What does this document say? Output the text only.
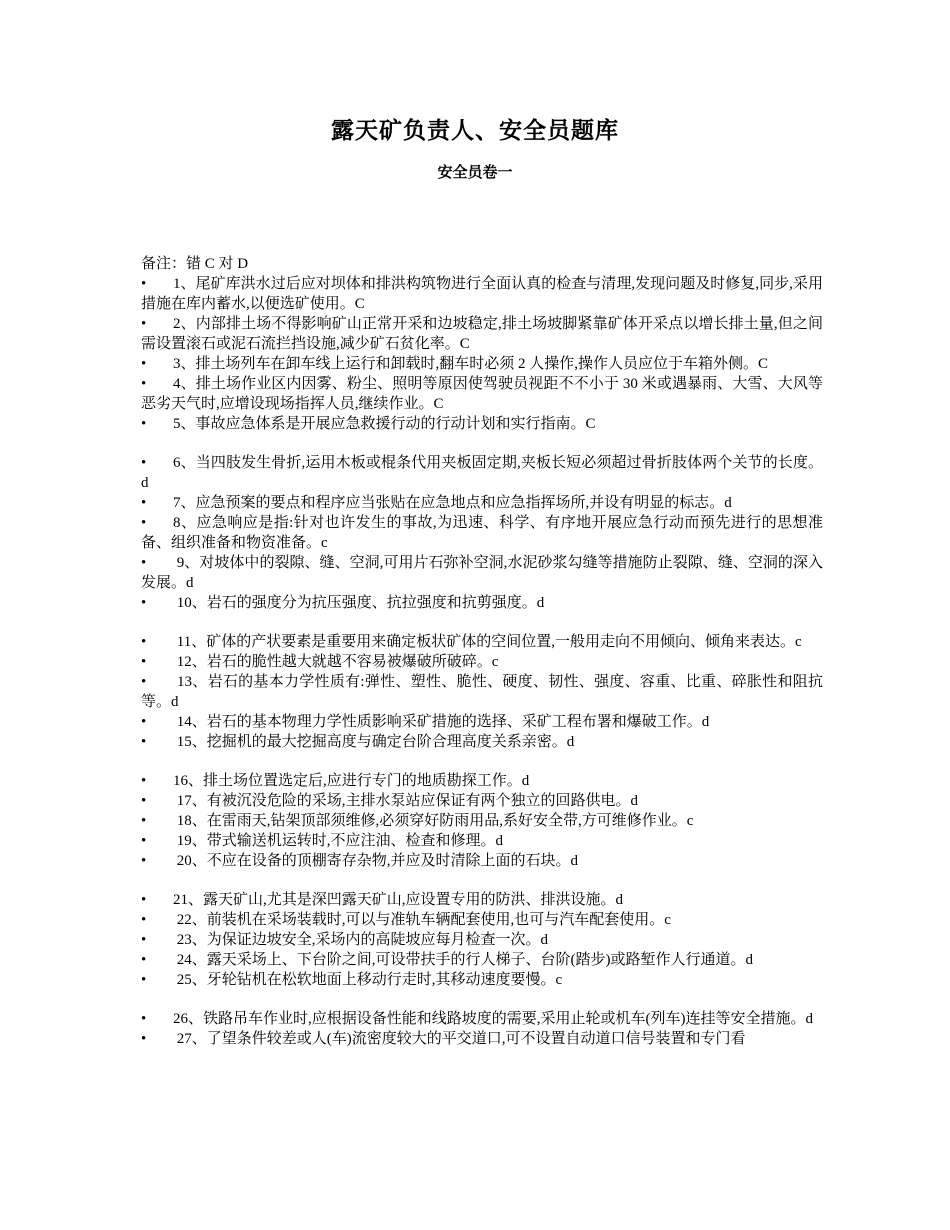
露天矿负责人、安全员题库
安全员卷一

备注：错 C 对 D

• 1、尾矿库洪水过后应对坝体和排洪构筑物进行全面认真的检查与清理,发现问题及时修复,同步,采用措施在库内蓄水,以便选矿使用。C

• 2、内部排土场不得影响矿山正常开采和边坡稳定,排土场坡脚紧靠矿体开采点以增长排土量,但之间需设置滚石或泥石流拦挡设施,减少矿石贫化率。C

• 3、排土场列车在卸车线上运行和卸载时,翻车时必须 2 人操作,操作人员应位于车箱外侧。C

• 4、排土场作业区内因雾、粉尘、照明等原因使驾驶员视距不不小于 30 米或遇暴雨、大雪、大风等恶劣天气时,应增设现场指挥人员,继续作业。C

• 5、事故应急体系是开展应急救援行动的行动计划和实行指南。C

• 6、当四肢发生骨折,运用木板或棍条代用夹板固定期,夹板长短必须超过骨折肢体两个关节的长度。d

• 7、应急预案的要点和程序应当张贴在应急地点和应急指挥场所,并设有明显的标志。d

• 8、应急响应是指:针对也许发生的事故,为迅速、科学、有序地开展应急行动而预先进行的思想准备、组织准备和物资准备。c

• 9、对坡体中的裂隙、缝、空洞,可用片石弥补空洞,水泥砂浆勾缝等措施防止裂隙、缝、空洞的深入发展。d

• 10、岩石的强度分为抗压强度、抗拉强度和抗剪强度。d

• 11、矿体的产状要素是重要用来确定板状矿体的空间位置,一般用走向不用倾向、倾角来表达。c

• 12、岩石的脆性越大就越不容易被爆破所破碎。c

• 13、岩石的基本力学性质有:弹性、塑性、脆性、硬度、韧性、强度、容重、比重、碎胀性和阻抗等。d

• 14、岩石的基本物理力学性质影响采矿措施的选择、采矿工程布署和爆破工作。d

• 15、挖掘机的最大挖掘高度与确定台阶合理高度关系亲密。d

• 16、排土场位置选定后,应进行专门的地质勘探工作。d

• 17、有被沉没危险的采场,主排水泵站应保证有两个独立的回路供电。d

• 18、在雷雨天,钻架顶部须维修,必须穿好防雨用品,系好安全带,方可维修作业。c

• 19、带式输送机运转时,不应注油、检查和修理。d

• 20、不应在设备的顶棚寄存杂物,并应及时清除上面的石块。d

• 21、露天矿山,尤其是深凹露天矿山,应设置专用的防洪、排洪设施。d

• 22、前装机在采场装载时,可以与准轨车辆配套使用,也可与汽车配套使用。c

• 23、为保证边坡安全,采场内的高陡坡应每月检查一次。d

• 24、露天采场上、下台阶之间,可设带扶手的行人梯子、台阶(踏步)或路堑作人行通道。d

• 25、牙轮钻机在松软地面上移动行走时,其移动速度要慢。c

• 26、铁路吊车作业时,应根据设备性能和线路坡度的需要,采用止轮或机车(列车)连挂等安全措施。d

• 27、了望条件较差或人(车)流密度较大的平交道口,可不设置自动道口信号装置和专门看
